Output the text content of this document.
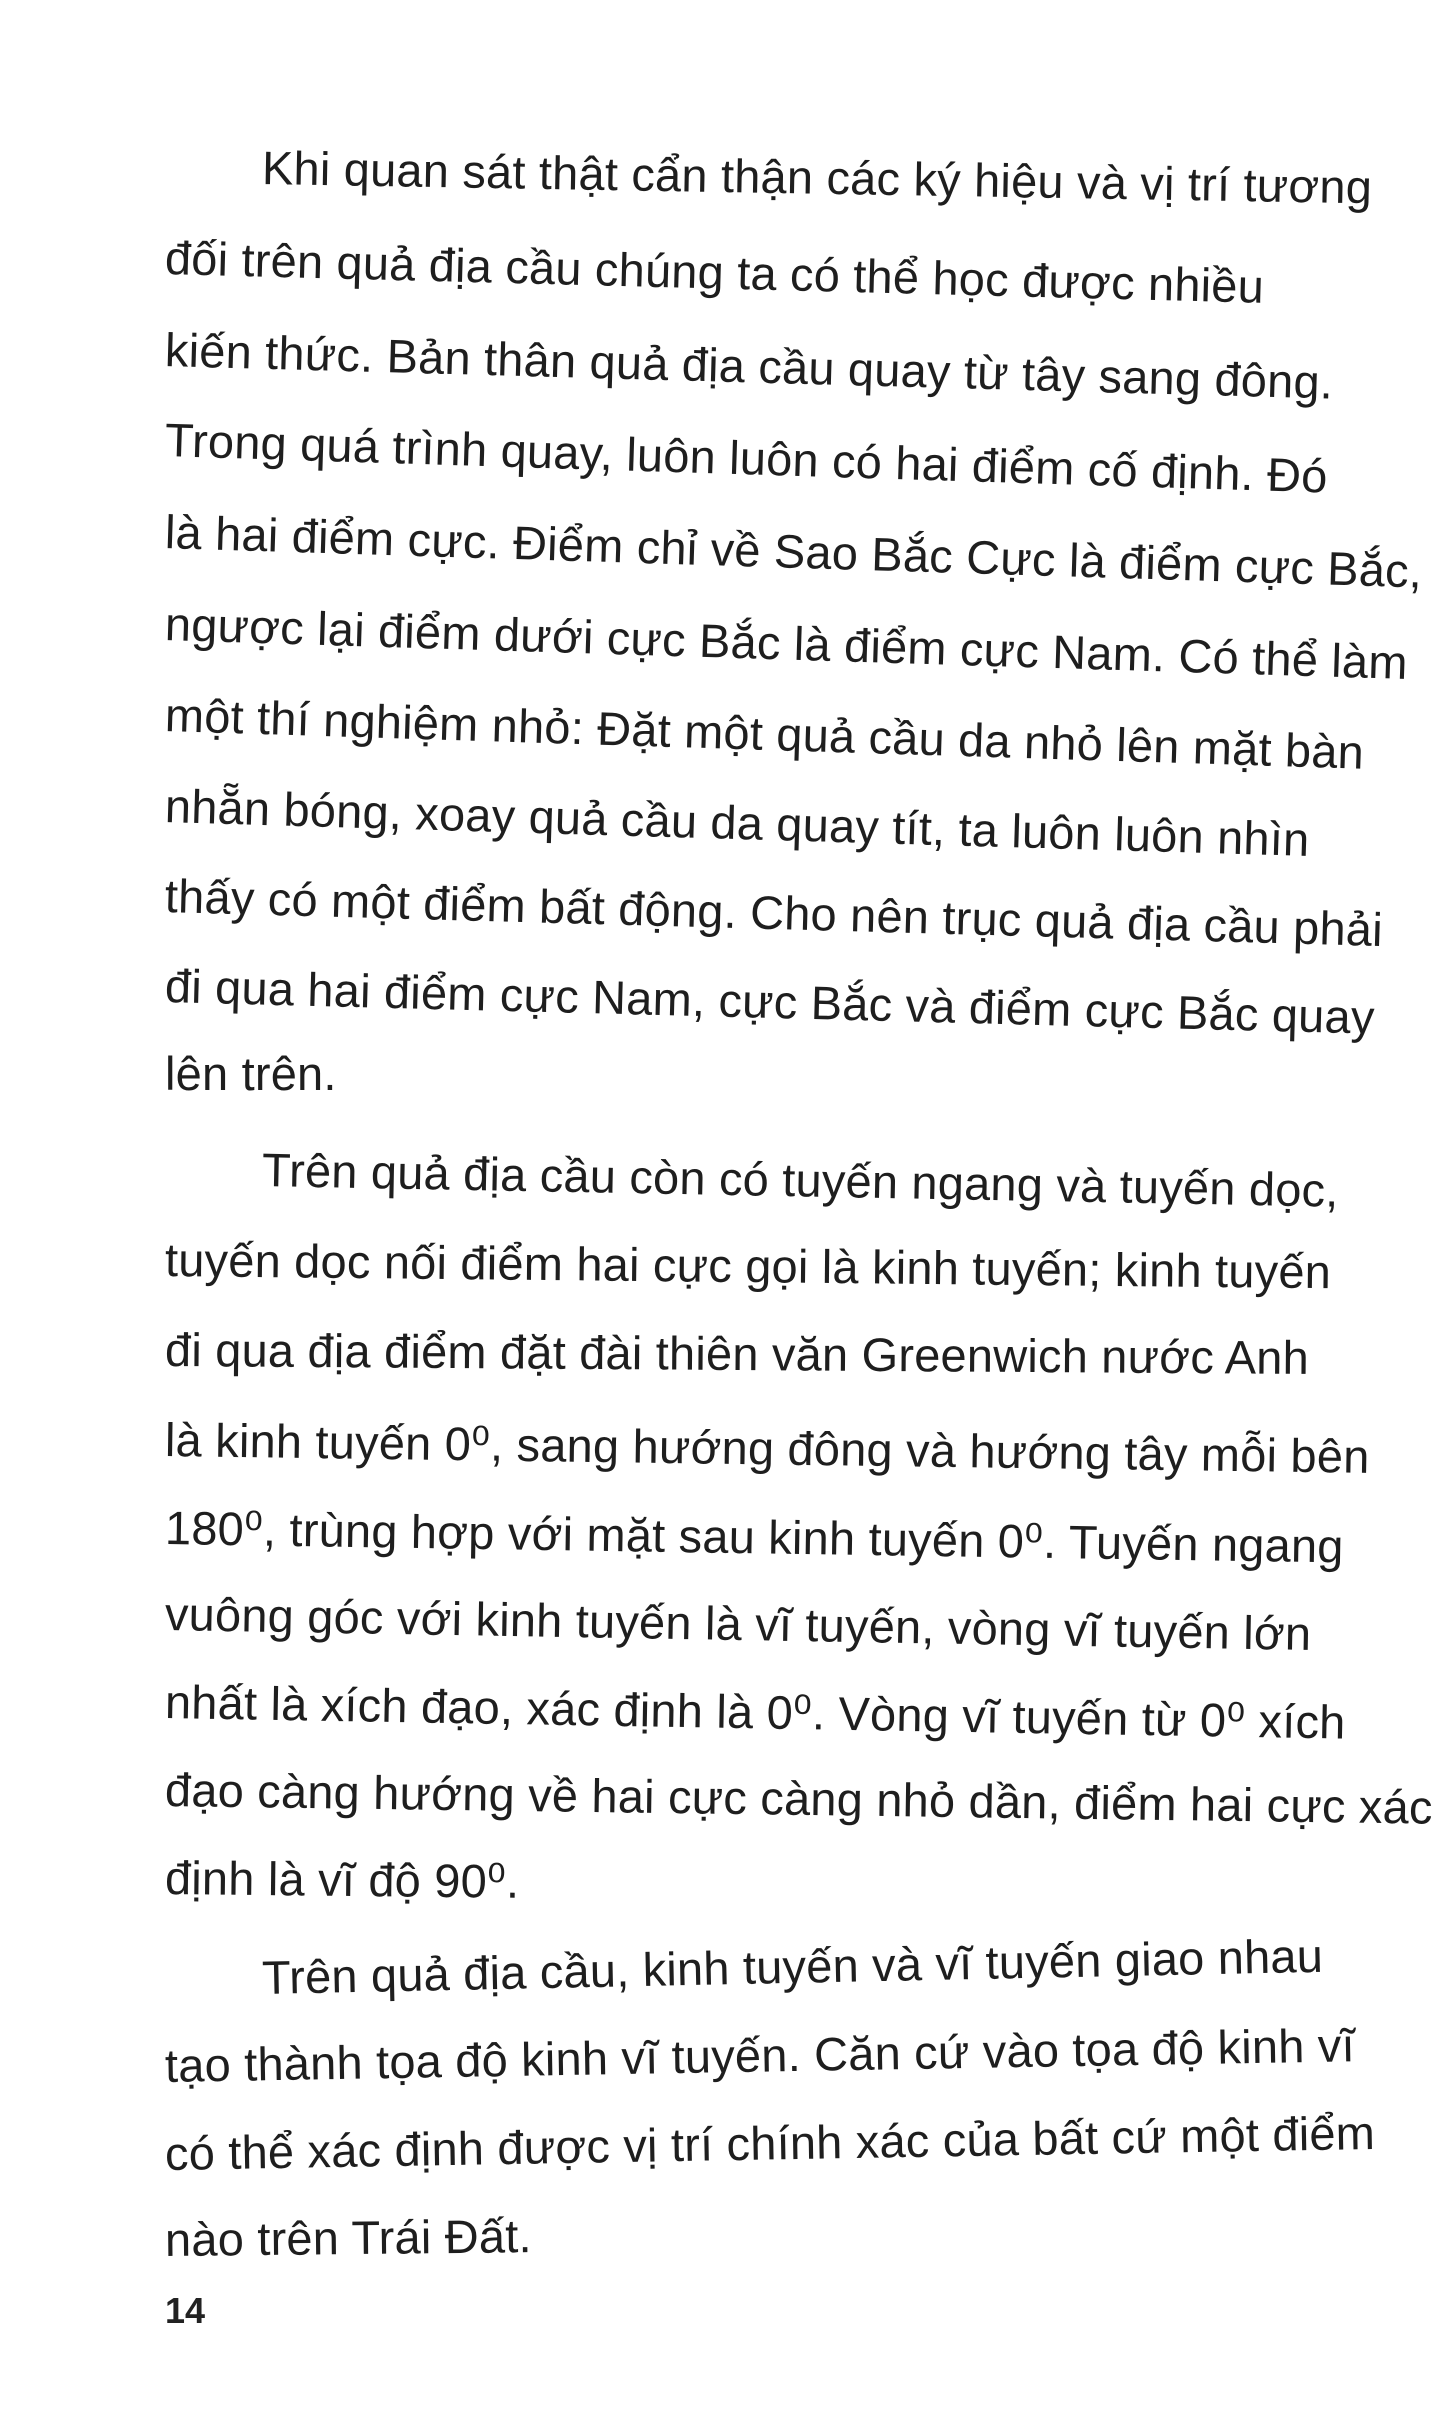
Khi quan sát thật cẩn thận các ký hiệu và vị trí tương
đối trên quả địa cầu chúng ta có thể học được nhiều
kiến thức. Bản thân quả địa cầu quay từ tây sang đông.
Trong quá trình quay, luôn luôn có hai điểm cố định. Đó
là hai điểm cực. Điểm chỉ về Sao Bắc Cực là điểm cực Bắc,
ngược lại điểm dưới cực Bắc là điểm cực Nam. Có thể làm
một thí nghiệm nhỏ: Đặt một quả cầu da nhỏ lên mặt bàn
nhẵn bóng, xoay quả cầu da quay tít, ta luôn luôn nhìn
thấy có một điểm bất động. Cho nên trục quả địa cầu phải
đi qua hai điểm cực Nam, cực Bắc và điểm cực Bắc quay
lên trên.
Trên quả địa cầu còn có tuyến ngang và tuyến dọc,
tuyến dọc nối điểm hai cực gọi là kinh tuyến; kinh tuyến
đi qua địa điểm đặt đài thiên văn Greenwich nước Anh
là kinh tuyến 0⁰, sang hướng đông và hướng tây mỗi bên
180⁰, trùng hợp với mặt sau kinh tuyến 0⁰. Tuyến ngang
vuông góc với kinh tuyến là vĩ tuyến, vòng vĩ tuyến lớn
nhất là xích đạo, xác định là 0⁰. Vòng vĩ tuyến từ 0⁰ xích
đạo càng hướng về hai cực càng nhỏ dần, điểm hai cực xác
định là vĩ độ 90⁰.
Trên quả địa cầu, kinh tuyến và vĩ tuyến giao nhau
tạo thành tọa độ kinh vĩ tuyến. Căn cứ vào tọa độ kinh vĩ
có thể xác định được vị trí chính xác của bất cứ một điểm
nào trên Trái Đất.
14
